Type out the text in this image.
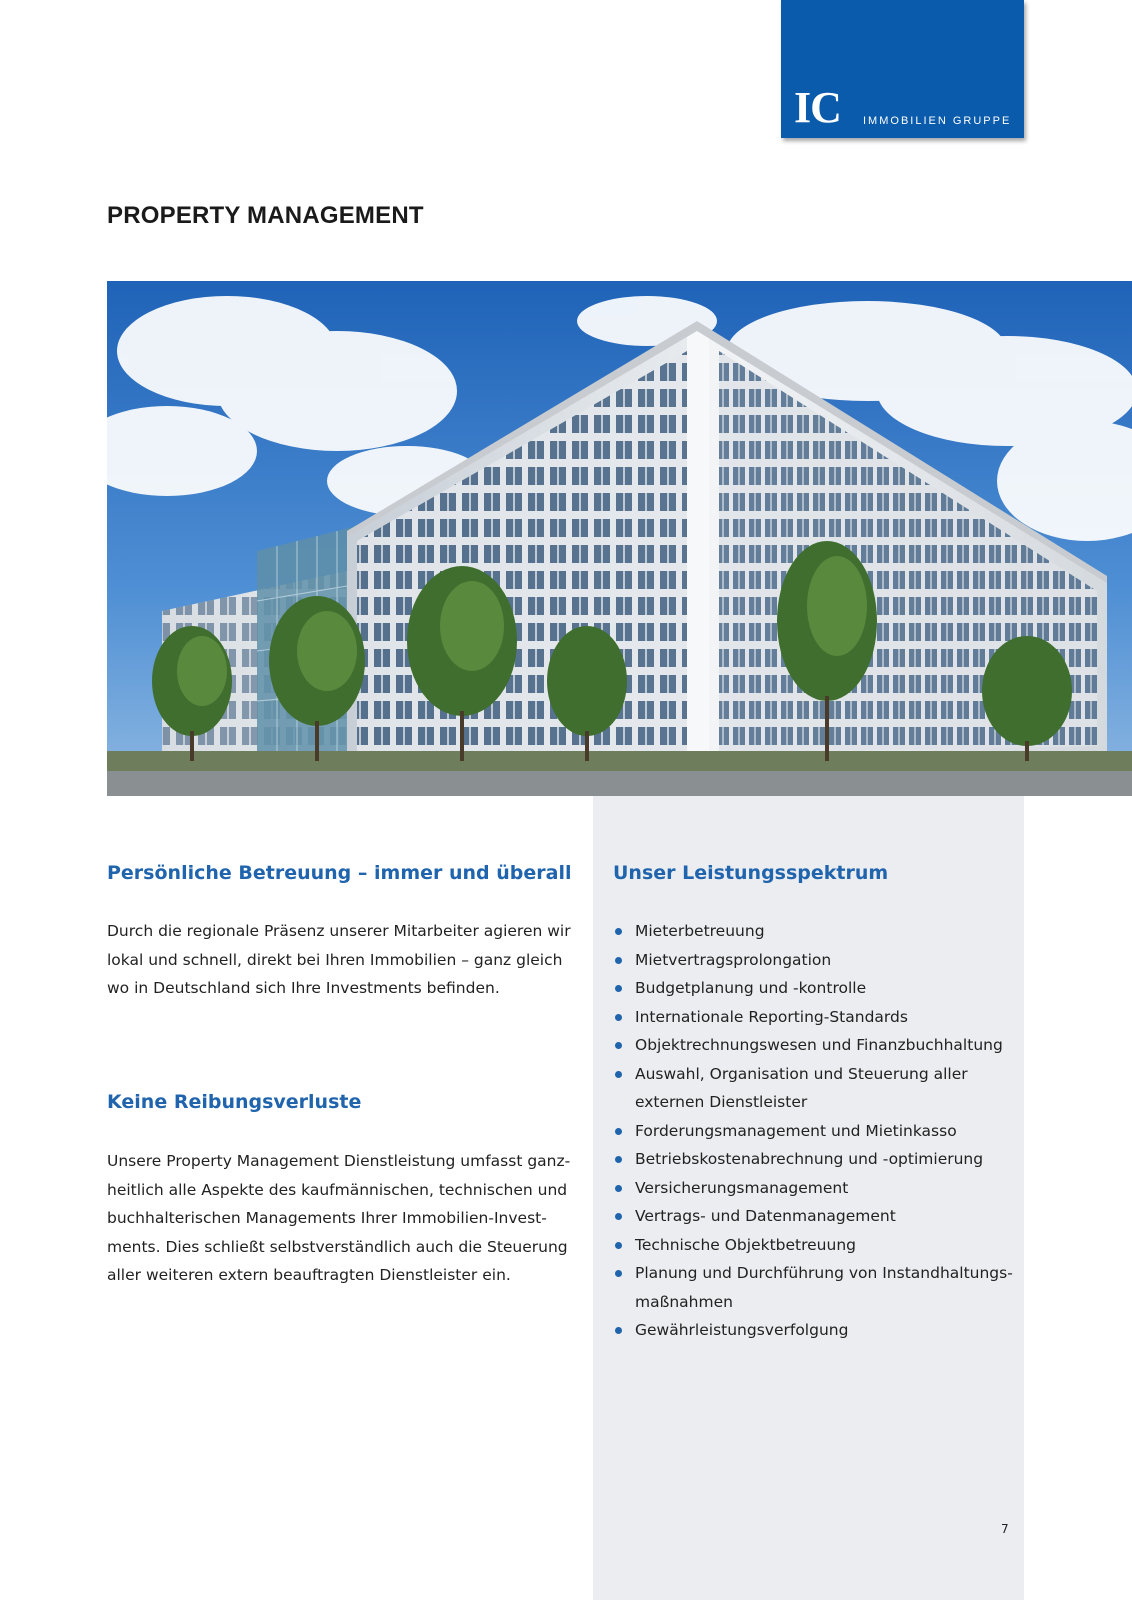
IC IMMOBILIEN GRUPPE
PROPERTY MANAGEMENT
Persönliche Betreuung – immer und überall
Durch die regionale Präsenz unserer Mitarbeiter agieren wir
lokal und schnell, direkt bei Ihren Immobilien – ganz gleich
wo in Deutschland sich Ihre Investments befinden.
Keine Reibungsverluste
Unsere Property Management Dienstleistung umfasst ganz-
heitlich alle Aspekte des kaufmännischen, technischen und
buchhalterischen Managements Ihrer Immobilien-Invest-
ments. Dies schließt selbstverständlich auch die Steuerung
aller weiteren extern beauftragten Dienstleister ein.
Unser Leistungsspektrum
Mieterbetreuung
Mietvertragsprolongation
Budgetplanung und -kontrolle
Internationale Reporting-Standards
Objektrechnungswesen und Finanzbuchhaltung
Auswahl, Organisation und Steuerung aller
externen Dienstleister
Forderungsmanagement und Mietinkasso
Betriebskostenabrechnung und -optimierung
Versicherungsmanagement
Vertrags- und Datenmanagement
Technische Objektbetreuung
Planung und Durchführung von Instandhaltungs-
maßnahmen
Gewährleistungsverfolgung
7
